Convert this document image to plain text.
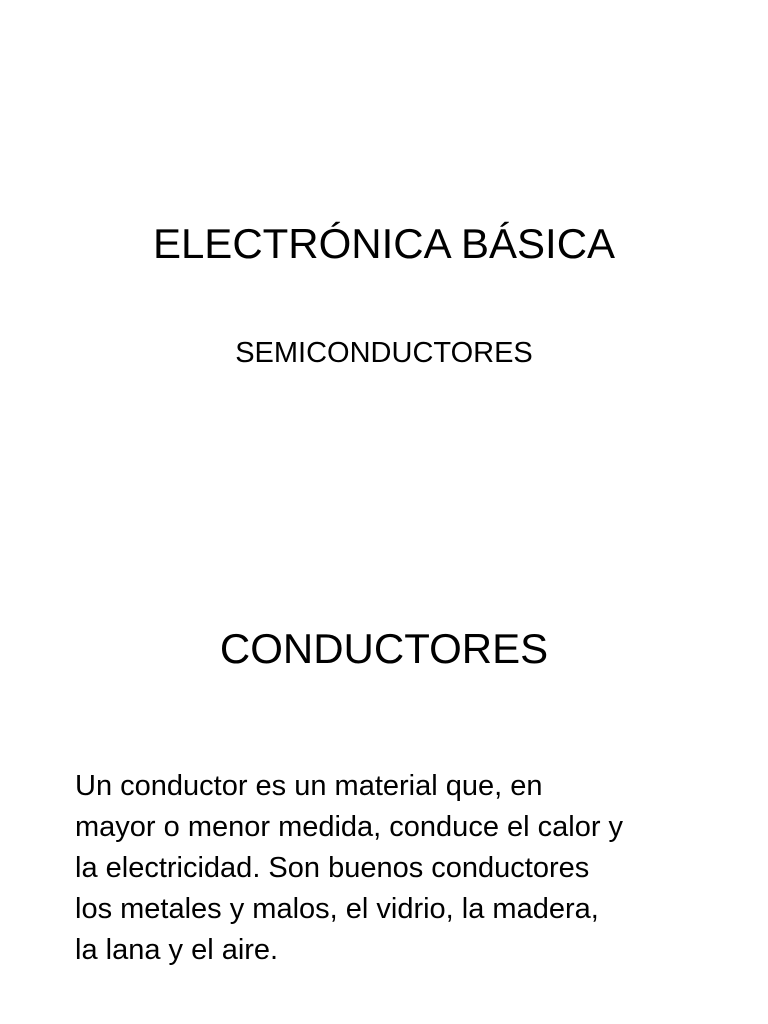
ELECTRÓNICA BÁSICA
SEMICONDUCTORES
CONDUCTORES

Un conductor es un material que, en
mayor o menor medida, conduce el calor y
la electricidad. Son buenos conductores
los metales y malos, el vidrio, la madera,
la lana y el aire.
